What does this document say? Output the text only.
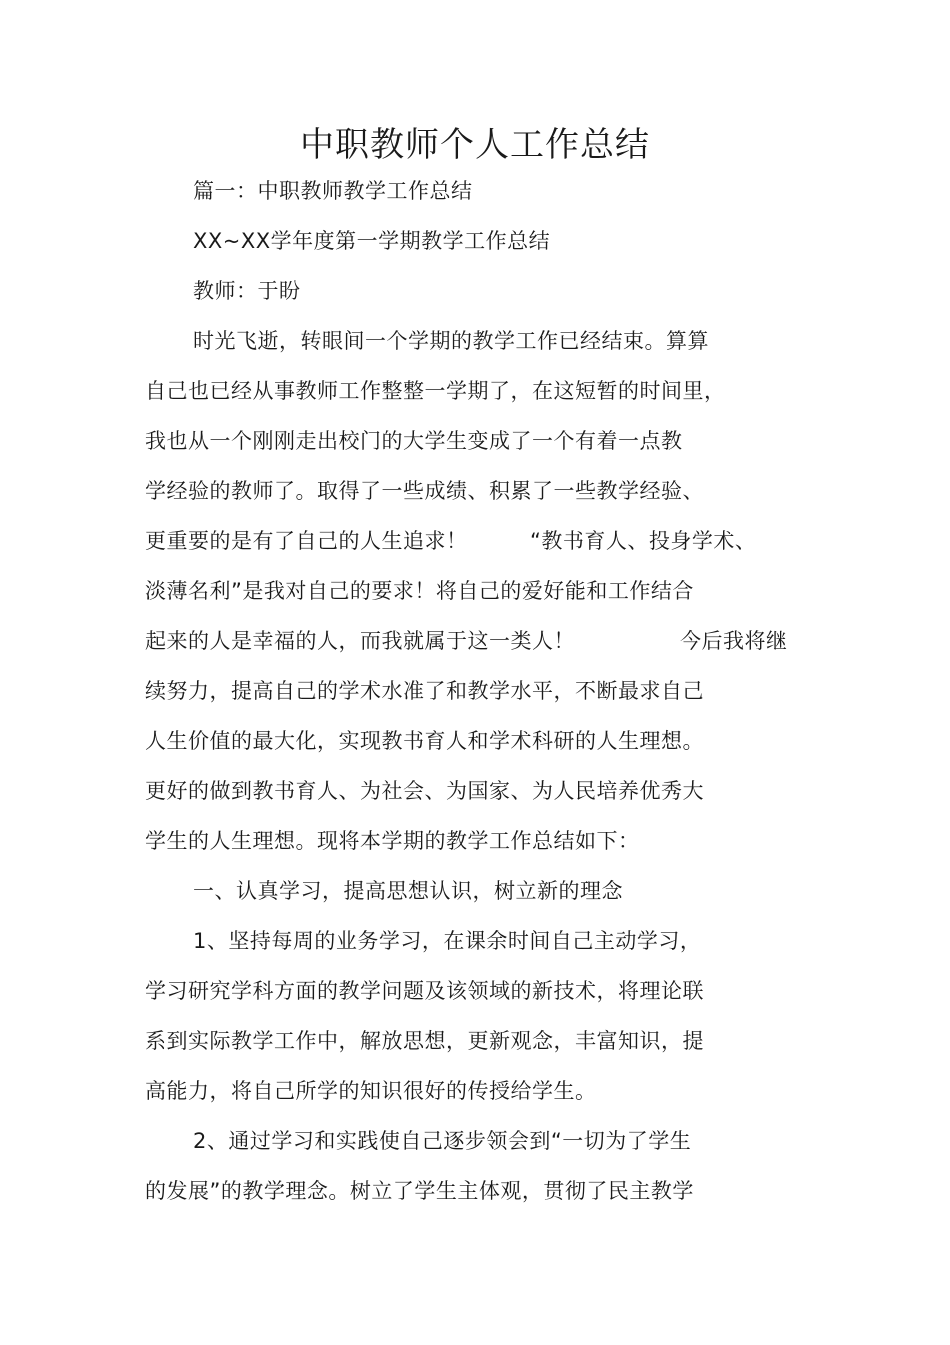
中职教师个人工作总结
篇一：中职教师教学工作总结
XX~XX学年度第一学期教学工作总结
教师：于盼
时光飞逝，转眼间一个学期的教学工作已经结束。算算
自己也已经从事教师工作整整一学期了，在这短暂的时间里，
我也从一个刚刚走出校门的大学生变成了一个有着一点教
学经验的教师了。取得了一些成绩、积累了一些教学经验、
更重要的是有了自己的人生追求！	“教书育人、投身学术、
淡薄名利”是我对自己的要求！将自己的爱好能和工作结合
起来的人是幸福的人，而我就属于这一类人！	今后我将继
续努力，提高自己的学术水准了和教学水平，不断最求自己
人生价值的最大化，实现教书育人和学术科研的人生理想。
更好的做到教书育人、为社会、为国家、为人民培养优秀大
学生的人生理想。现将本学期的教学工作总结如下：
一、认真学习，提高思想认识，树立新的理念
1、坚持每周的业务学习，在课余时间自己主动学习，
学习研究学科方面的教学问题及该领域的新技术，将理论联
系到实际教学工作中，解放思想，更新观念，丰富知识，提
高能力，将自己所学的知识很好的传授给学生。
2、通过学习和实践使自己逐步领会到“一切为了学生
的发展”的教学理念。树立了学生主体观，贯彻了民主教学
